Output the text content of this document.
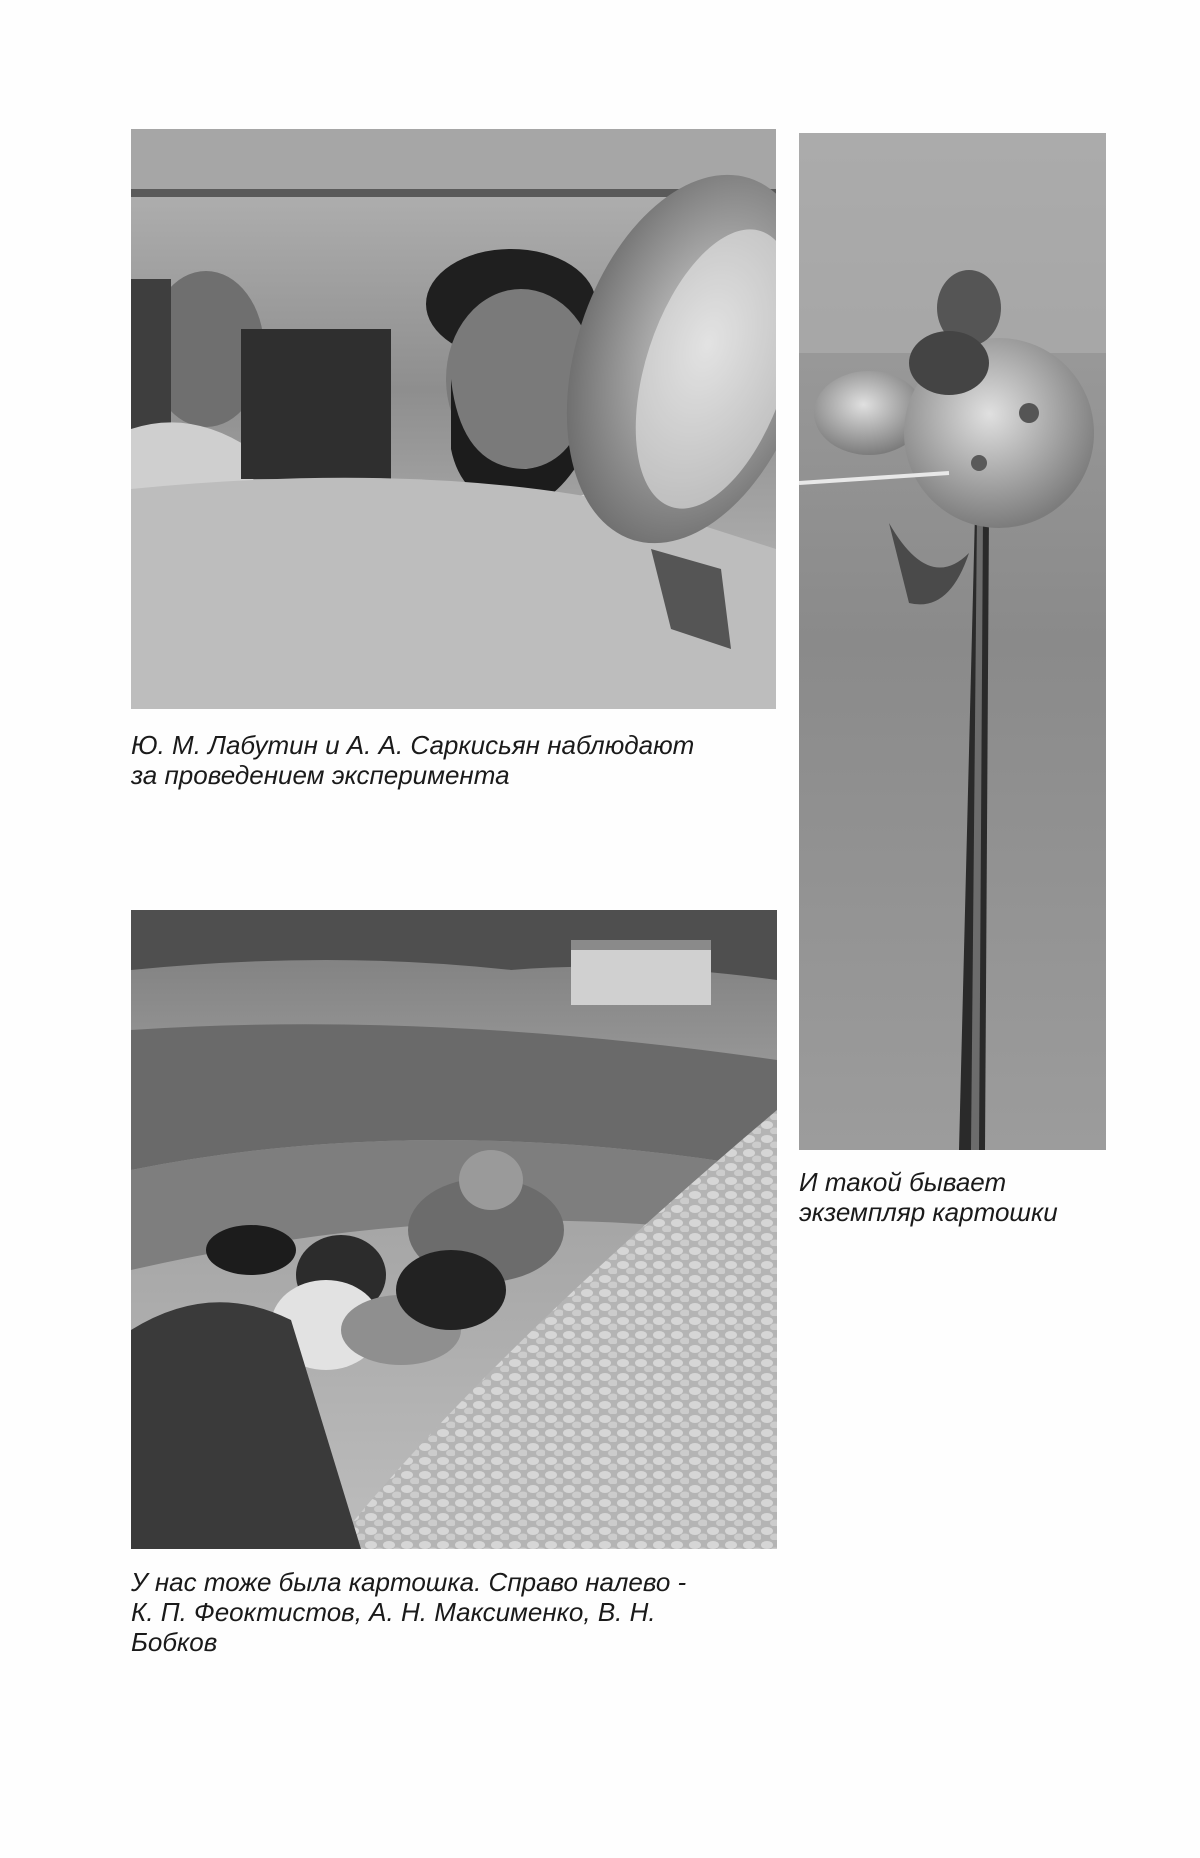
Ю. М. Лабутин и А. А. Саркисьян наблюдают
за проведением эксперимента

И такой бывает
экземпляр картошки

У нас тоже была картошка. Справо налево -
К. П. Феоктистов, А. Н. Максименко, В. Н.
Бобков
